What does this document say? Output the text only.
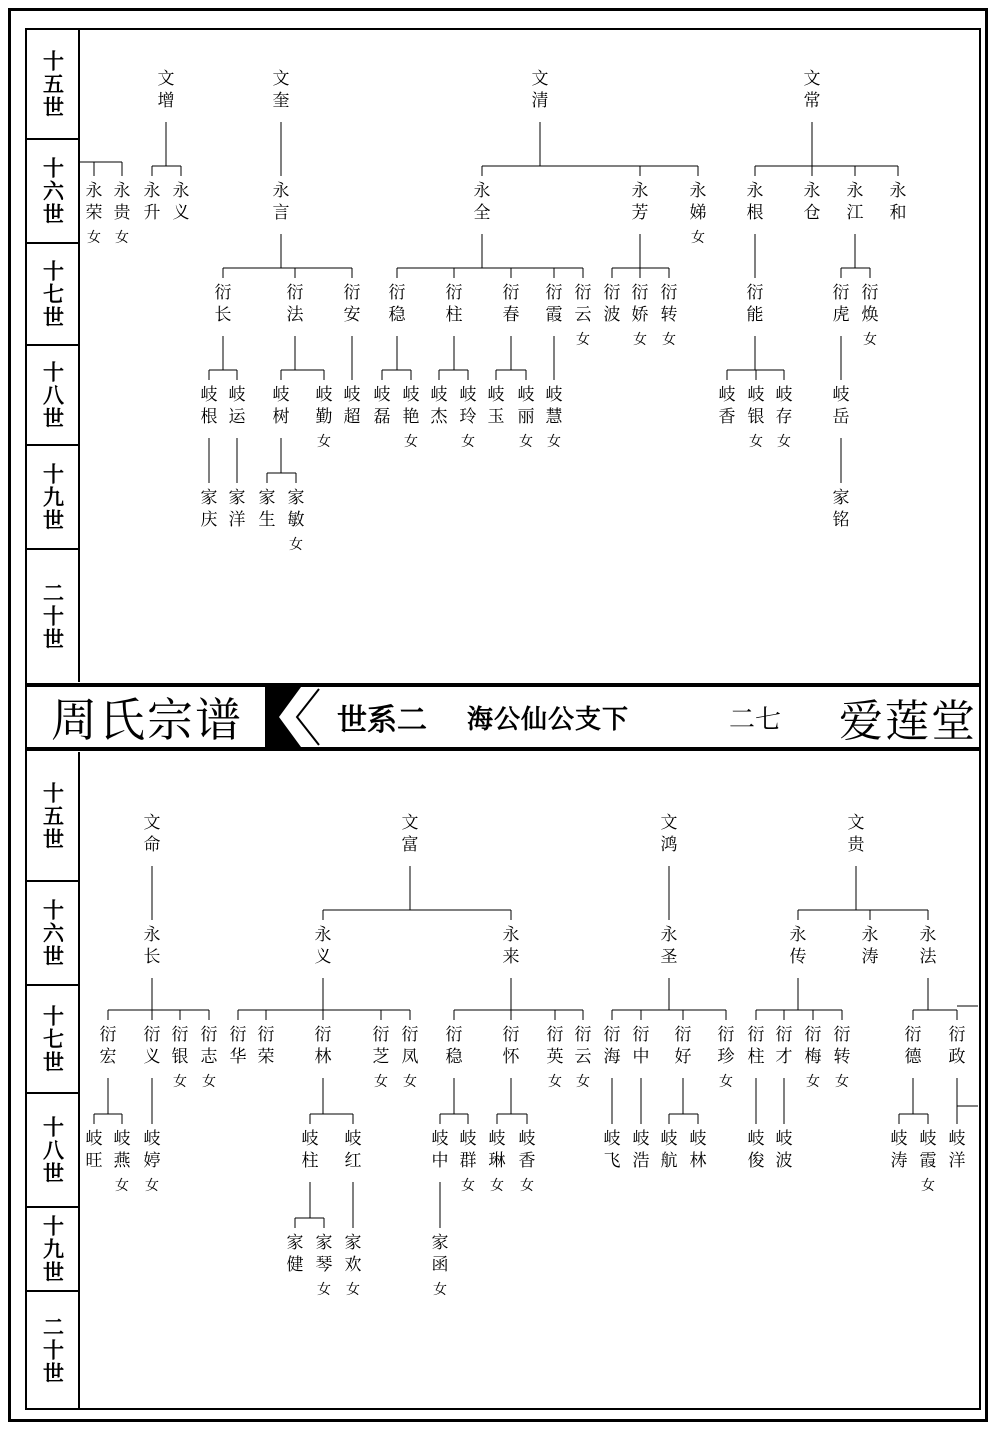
文
增
永
升
永
义
文
奎
永
言
衍
长
岐
根
家
庆
岐
运
家
洋
衍
法
岐
树
家
生
家
敏
女
岐
勤
女
衍
安
岐
超
文
清
永
全
衍
稳
岐
磊
岐
艳
女
衍
柱
岐
杰
岐
玲
女
衍
春
岐
玉
岐
丽
女
衍
霞
岐
慧
女
衍
云
女
永
芳
衍
波
衍
娇
女
衍
转
女
永
娣
女
文
常
永
根
衍
能
岐
香
岐
银
女
岐
存
女
永
仓
永
江
衍
虎
岐
岳
家
铭
衍
焕
女
永
和
永
荣
女
永
贵
女
文
命
永
长
衍
宏
岐
旺
岐
燕
女
衍
义
岐
婷
女
衍
银
女
衍
志
女
文
富
永
义
衍
华
衍
荣
衍
林
岐
柱
家
健
家
琴
女
岐
红
家
欢
女
衍
芝
女
衍
凤
女
永
来
衍
稳
岐
中
家
函
女
岐
群
女
衍
怀
岐
琳
女
岐
香
女
衍
英
女
衍
云
女
文
鸿
永
圣
衍
海
岐
飞
衍
中
岐
浩
衍
好
岐
航
岐
林
衍
珍
女
文
贵
永
传
衍
柱
岐
俊
衍
才
岐
波
衍
梅
女
衍
转
女
永
涛
永
法
衍
德
岐
涛
岐
霞
女
衍
政
岐
洋
十五世
十六世
十七世
十八世
十九世
二十世
十五世
十六世
十七世
十八世
十九世
二十世
周氏宗谱	世系二 海公仙公支下	二七 爱莲堂
